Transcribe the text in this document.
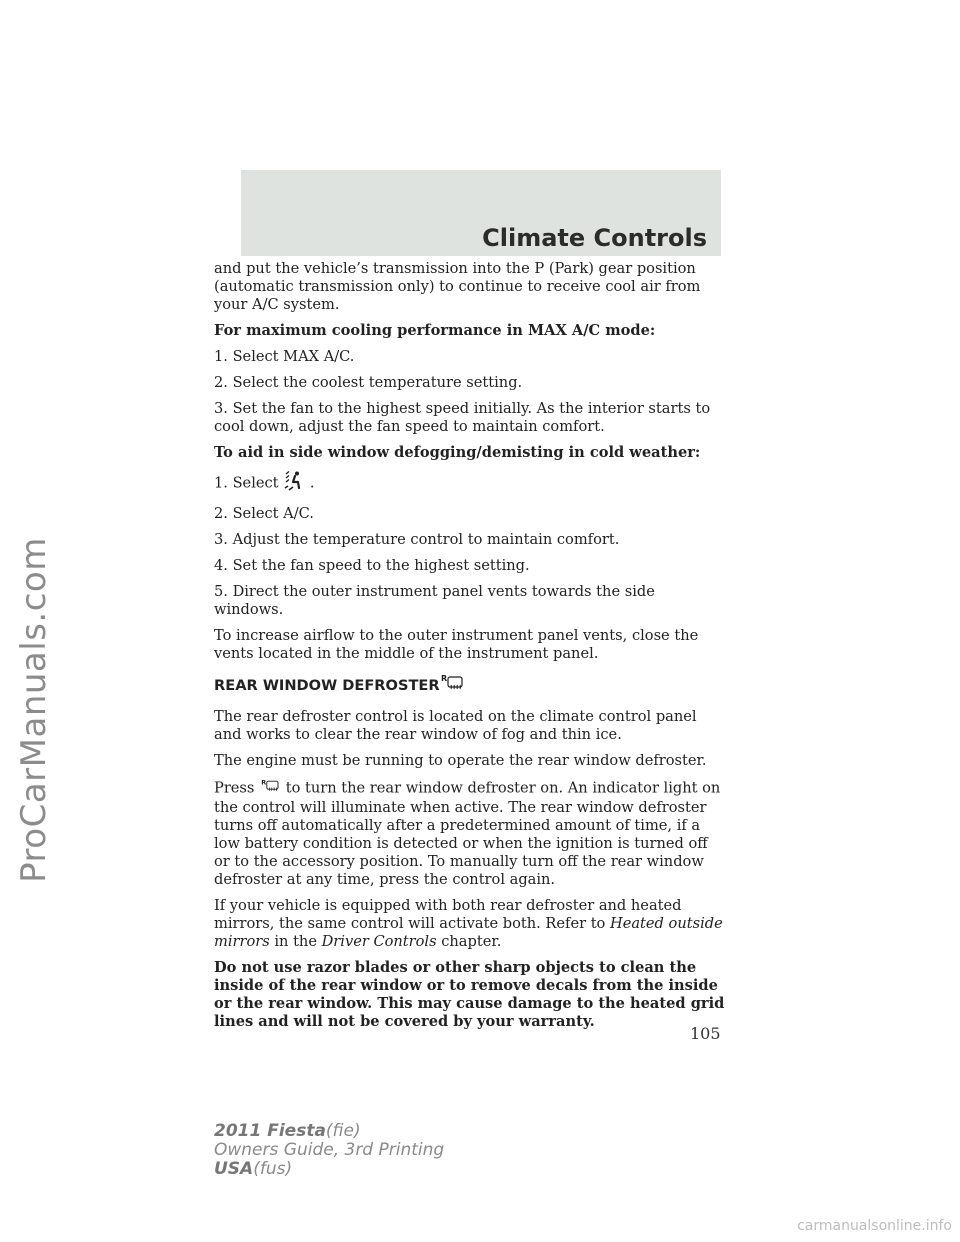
ProCarManuals.com
Climate Controls

and put the vehicle’s transmission into the P (Park) gear position (automatic transmission only) to continue to receive cool air from your A/C system.

For maximum cooling performance in MAX A/C mode:

1. Select MAX A/C.

2. Select the coolest temperature setting.

3. Set the fan to the highest speed initially. As the interior starts to cool down, adjust the fan speed to maintain comfort.

To aid in side window defogging/demisting in cold weather:

1. Select .

2. Select A/C.

3. Adjust the temperature control to maintain comfort.

4. Set the fan speed to the highest setting.

5. Direct the outer instrument panel vents towards the side windows.

To increase airflow to the outer instrument panel vents, close the vents located in the middle of the instrument panel.

REAR WINDOW DEFROSTER R

The rear defroster control is located on the climate control panel and works to clear the rear window of fog and thin ice.

The engine must be running to operate the rear window defroster.

Press R to turn the rear window defroster on. An indicator light on the control will illuminate when active. The rear window defroster turns off automatically after a predetermined amount of time, if a low battery condition is detected or when the ignition is turned off or to the accessory position. To manually turn off the rear window defroster at any time, press the control again.

If your vehicle is equipped with both rear defroster and heated mirrors, the same control will activate both. Refer to Heated outside mirrors in the Driver Controls chapter.

Do not use razor blades or other sharp objects to clean the inside of the rear window or to remove decals from the inside or the rear window. This may cause damage to the heated grid lines and will not be covered by your warranty.

105
2011 Fiesta(fie)
Owners Guide, 3rd Printing
USA(fus)
carmanualsonline.info
